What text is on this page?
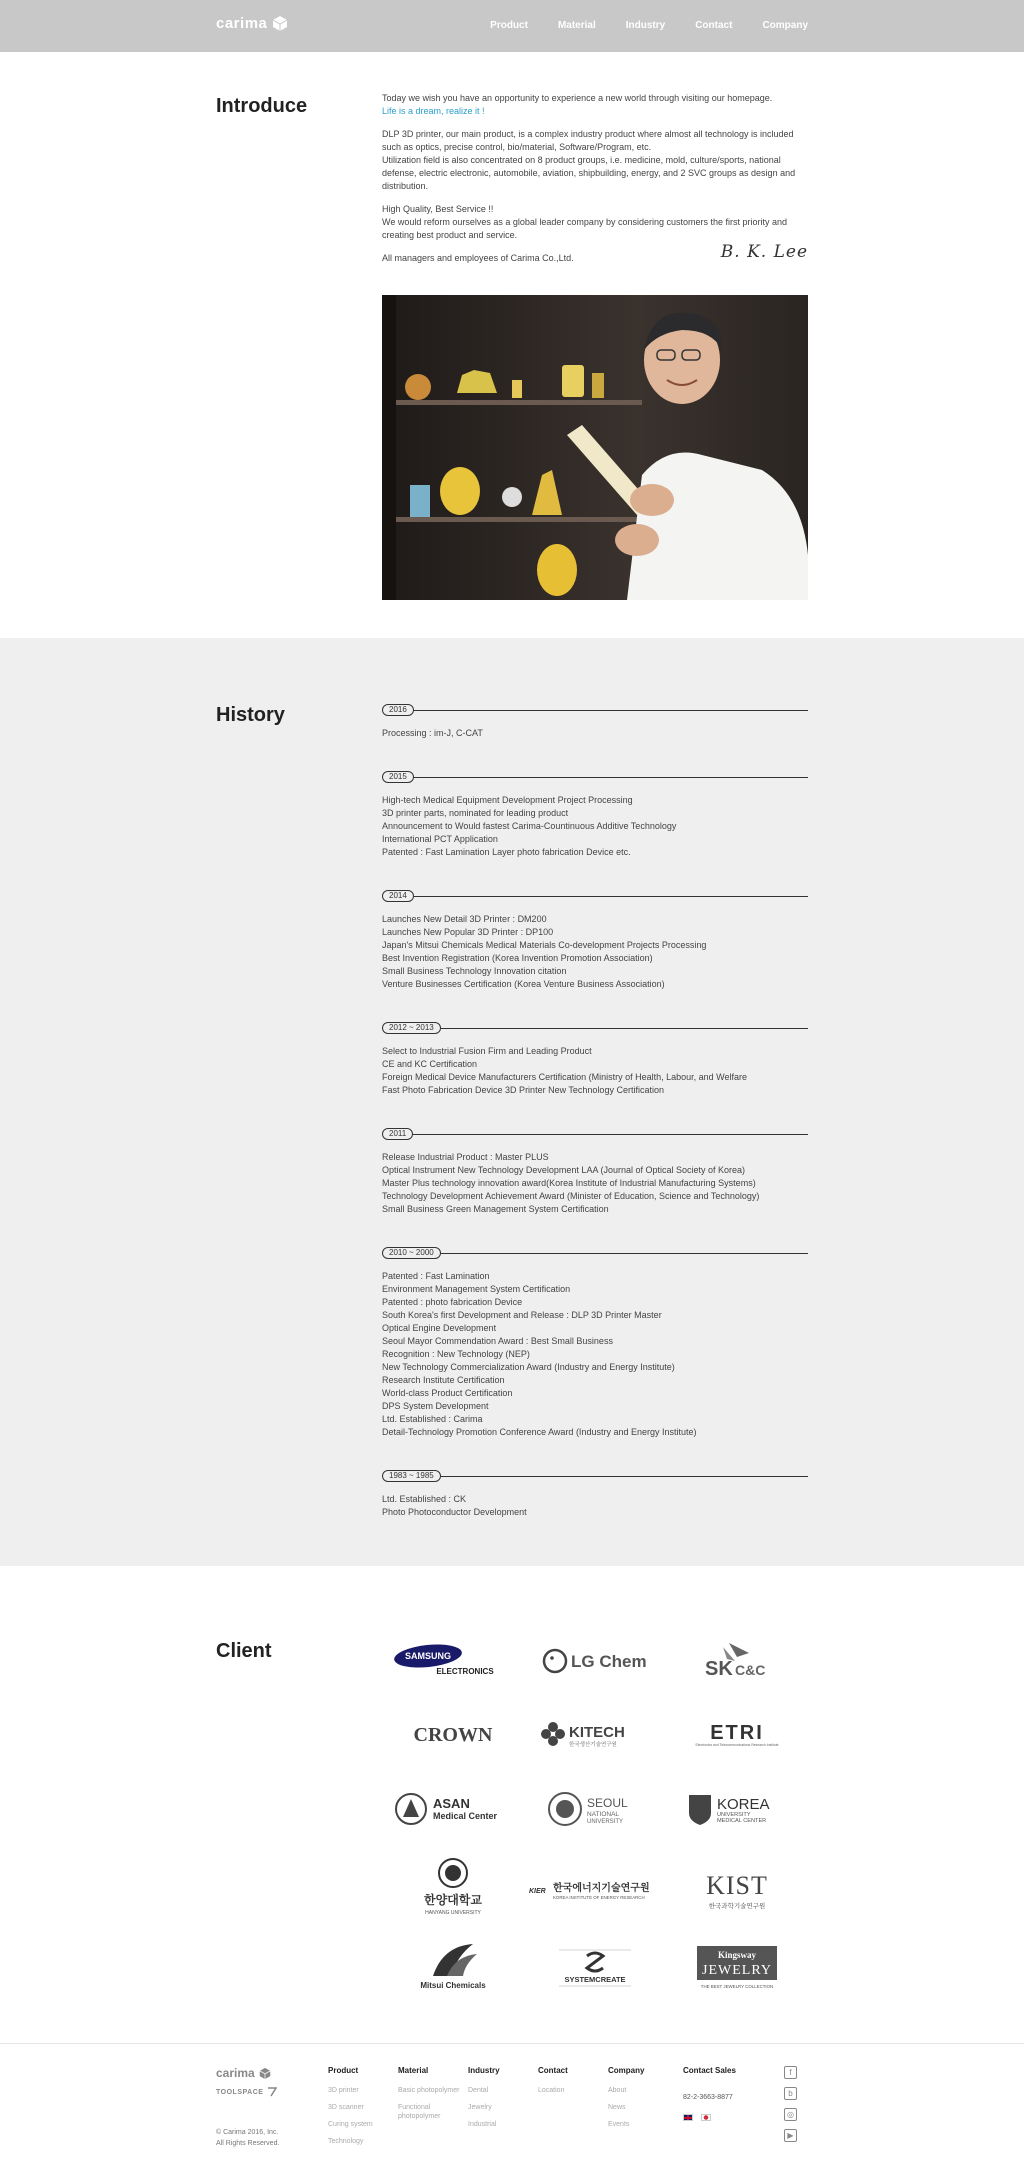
carima	Product	Material	Industry	Contact	Company
Introduce	Today we wish you have an opportunity to experience a new world through visiting our homepage.
Life is a dream, realize it !

DLP 3D printer, our main product, is a complex industry product where almost all technology is included such as optics, precise control, bio/material, Software/Program, etc.
Utilization field is also concentrated on 8 product groups, i.e. medicine, mold, culture/sports, national defense, electric electronic, automobile, aviation, shipbuilding, energy, and 2 SVC groups as design and distribution.

High Quality, Best Service !!
We would reform ourselves as a global leader company by considering customers the first priority and creating best product and service.

All managers and employees of Carima Co.,Ltd.	B. K. Lee

History	2016
Processing : im-J, C-CAT
2015
High-tech Medical Equipment Development Project Processing
3D printer parts, nominated for leading product
Announcement to Would fastest Carima-Countinuous Additive Technology
International PCT Application
Patented : Fast Lamination Layer photo fabrication Device etc.
2014
Launches New Detail 3D Printer : DM200
Launches New Popular 3D Printer : DP100
Japan's Mitsui Chemicals Medical Materials Co-development Projects Processing
Best Invention Registration (Korea Invention Promotion Association)
Small Business Technology Innovation citation
Venture Businesses Certification (Korea Venture Business Association)
2012 ~ 2013
Select to Industrial Fusion Firm and Leading Product
CE and KC Certification
Foreign Medical Device Manufacturers Certification (Ministry of Health, Labour, and Welfare
Fast Photo Fabrication Device 3D Printer New Technology Certification
2011
Release Industrial Product : Master PLUS
Optical Instrument New Technology Development LAA (Journal of Optical Society of Korea)
Master Plus technology innovation award(Korea Institute of Industrial Manufacturing Systems)
Technology Development Achievement Award (Minister of Education, Science and Technology)
Small Business Green Management System Certification
2010 ~ 2000
Patented : Fast Lamination
Environment Management System Certification
Patented : photo fabrication Device
South Korea's first Development and Release : DLP 3D Printer Master
Optical Engine Development
Seoul Mayor Commendation Award : Best Small Business
Recognition : New Technology (NEP)
New Technology Commercialization Award (Industry and Energy Institute)
Research Institute Certification
World-class Product Certification
DPS System Development
Ltd. Established : Carima
Detail-Technology Promotion Conference Award (Industry and Energy Institute)
1983 ~ 1985
Ltd. Established : CK
Photo Photoconductor Development
Client	SAMSUNG
ELECTRONICS
LG Chem	SK C&C
CROWN	KITECH
한국생산기술연구원
ETRI
Electronics and Telecommunications Research Institute
ASAN
Medical Center
SEOUL
NATIONAL
UNIVERSITY
KOREA
UNIVERSITY
MEDICAL CENTER
한양대학교
HANYANG UNIVERSITY
KIER 한국에너지기술연구원
KOREA INSTITUTE OF ENERGY RESEARCH KIST
한국과학기술연구원
Mitsui Chemicals
SYSTEMCREATE
Kingsway
JEWELRY
THE BEST JEWELRY COLLECTION
carima
TOOLSPACE
© Carima 2016, Inc.
All Rights Reserved.
Product
3D printer
3D scanner
Curing system
Technology
Material
Basic photopolymer
Functional photopolymer
Industry
Dental
Jewelry
Industrial
Contact
Location
Company
About
News
Events
Contact Sales
82-2-3663-8877
f
b
◎
▶
